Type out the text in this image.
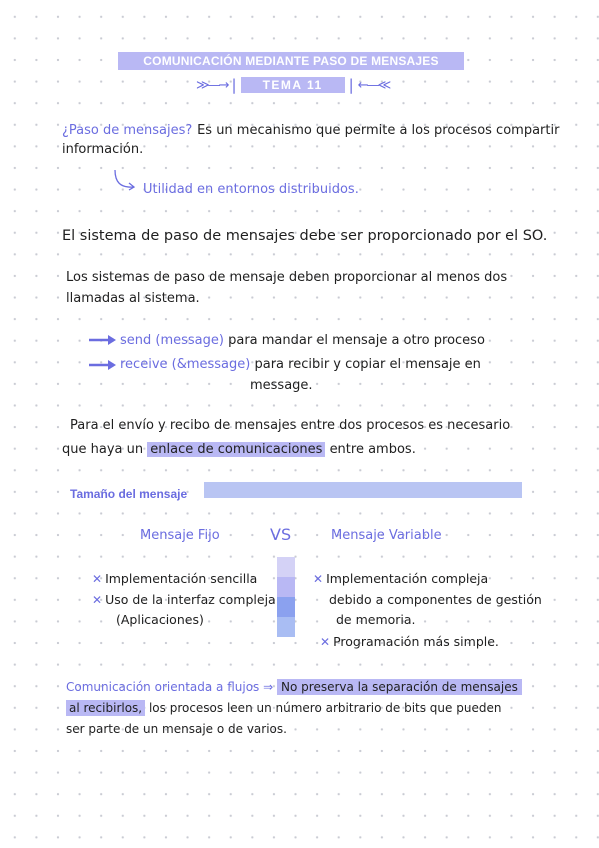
COMUNICACIÓN MEDIANTE PASO DE MENSAJES
≫—→ |	TEMA 11	| ←—≪
¿Paso de mensajes? Es un mecanismo que permite a los procesos compartir
información.
Utilidad en entornos distribuidos.
El sistema de paso de mensajes debe ser proporcionado por el SO.
Los sistemas de paso de mensaje deben proporcionar al menos dos
llamadas al sistema.
send (message) para mandar el mensaje a otro proceso
receive (&message) para recibir y copiar el mensaje en
message.
Para el envío y recibo de mensajes entre dos procesos es necesario
que haya un enlace de comunicaciones entre ambos.
Tamaño del mensaje
Mensaje Fijo	VS	Mensaje Variable
✕ Implementación sencilla
✕ Uso de la interfaz compleja
(Aplicaciones)
✕ Implementación compleja
debido a componentes de gestión
de memoria.
✕ Programación más simple.
Comunicación orientada a flujos ⇒ No preserva la separación de mensajes
al recibirlos, los procesos leen un número arbitrario de bits que pueden
ser parte de un mensaje o de varios.
